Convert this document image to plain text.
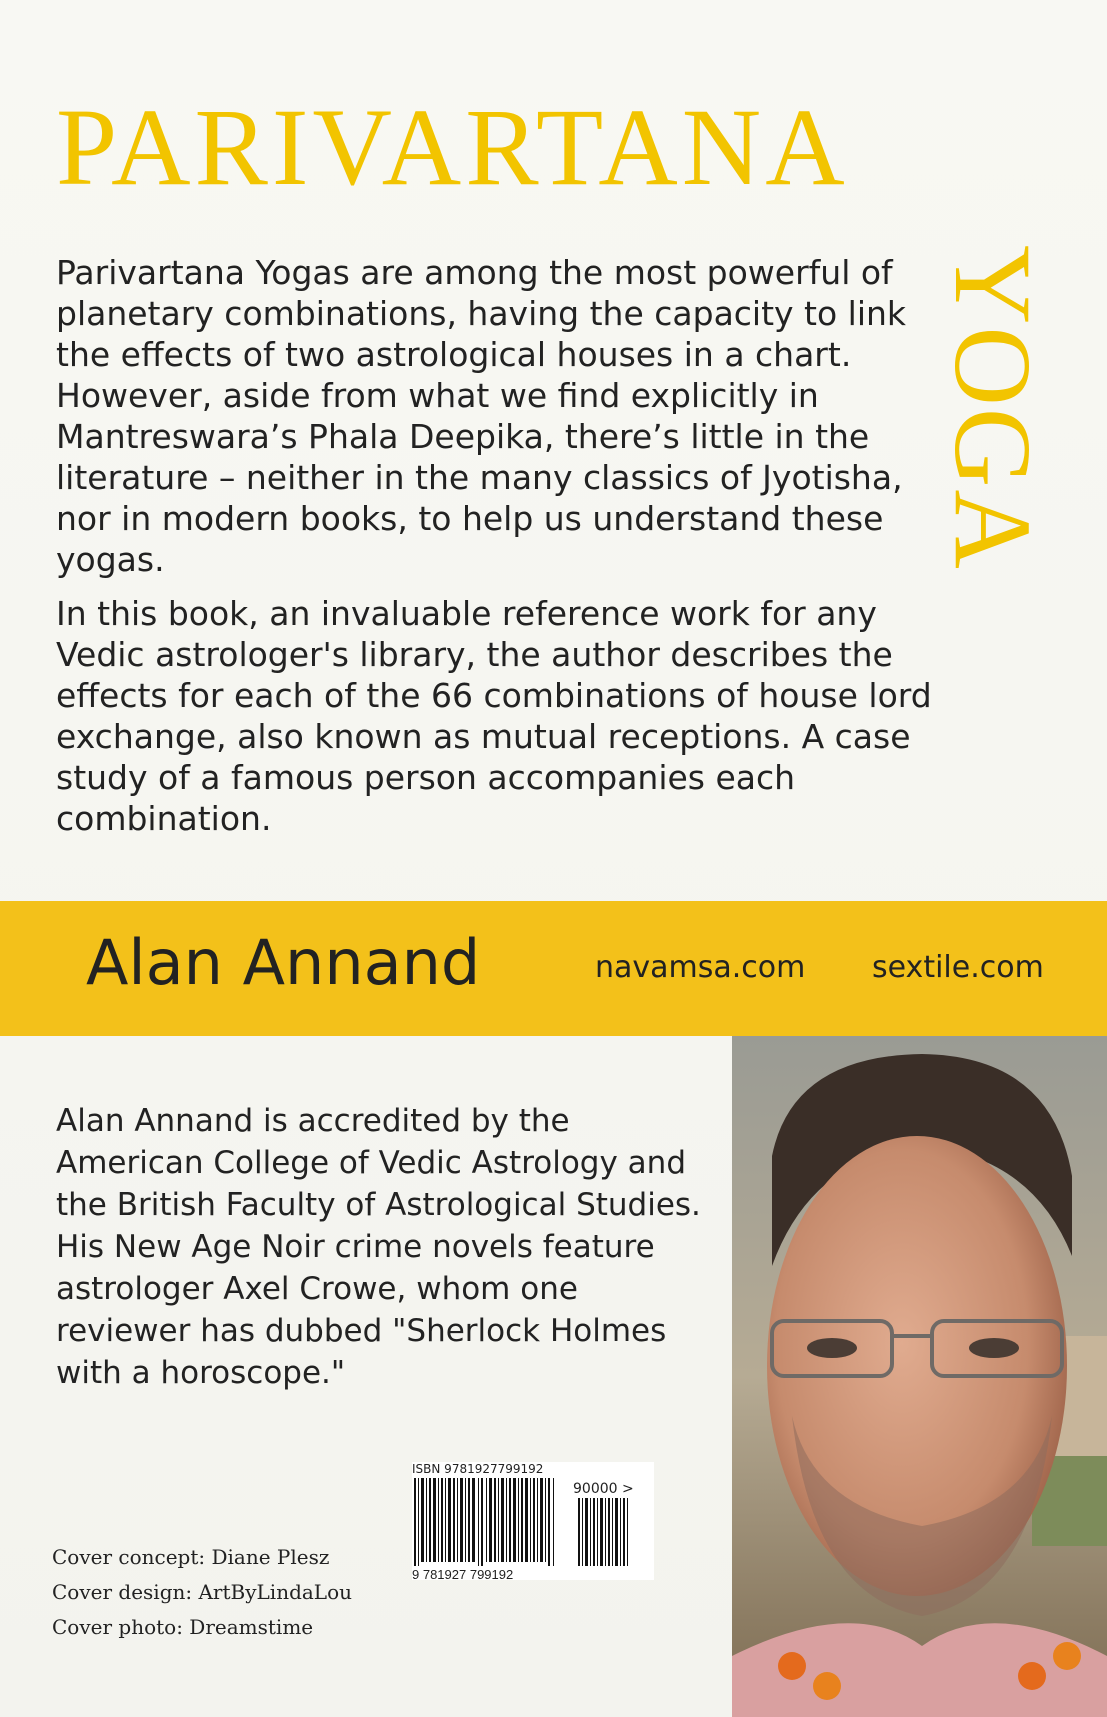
PARIVARTANA
YOGA
Parivartana Yogas are among the most powerful of planetary combinations, having the capacity to link the effects of two astrological houses in a chart. However, aside from what we find explicitly in Mantreswara’s Phala Deepika, there’s little in the literature – neither in the many classics of Jyotisha, nor in modern books, to help us understand these yogas.
In this book, an invaluable reference work for any Vedic astrologer's library, the author describes the effects for each of the 66 combinations of house lord exchange, also known as mutual receptions. A case study of a famous person accompanies each combination.
Alan Annand	navamsa.com sextile.com
Alan Annand is accredited by the American College of Vedic Astrology and the British Faculty of Astrological Studies. His New Age Noir crime novels feature astrologer Axel Crowe, whom one reviewer has dubbed "Sherlock Holmes with a horoscope."
ISBN 9781927799192
90000 >
9 781927 799192
Cover concept: Diane Plesz
Cover design: ArtByLindaLou
Cover photo: Dreamstime
